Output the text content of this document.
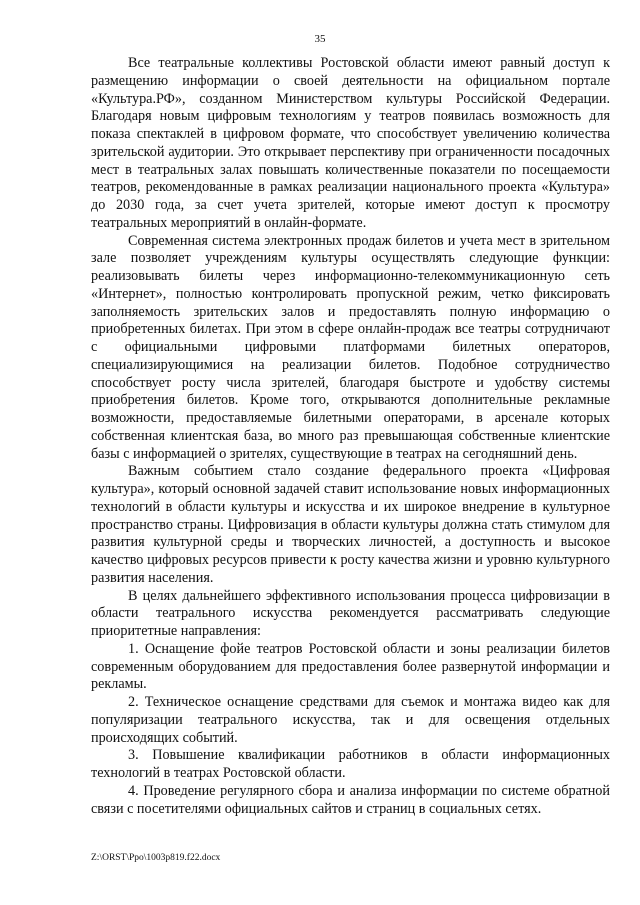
35

Все театральные коллективы Ростовской области имеют равный доступ к размещению информации о своей деятельности на официальном портале «Культура.РФ», созданном Министерством культуры Российской Федерации. Благодаря новым цифровым технологиям у театров появилась возможность для показа спектаклей в цифровом формате, что способствует увеличению количества зрительской аудитории. Это открывает перспективу при ограниченности посадочных мест в театральных залах повышать количественные показатели по посещаемости театров, рекомендованные в рамках реализации национального проекта «Культура» до 2030 года, за счет учета зрителей, которые имеют доступ к просмотру театральных мероприятий в онлайн-формате.

Современная система электронных продаж билетов и учета мест в зрительном зале позволяет учреждениям культуры осуществлять следующие функции: реализовывать билеты через информационно-телекоммуникационную сеть «Интернет», полностью контролировать пропускной режим, четко фиксировать заполняемость зрительских залов и предоставлять полную информацию о приобретенных билетах. При этом в сфере онлайн-продаж все театры сотрудничают с официальными цифровыми платформами билетных операторов, специализирующимися на реализации билетов. Подобное сотрудничество способствует росту числа зрителей, благодаря быстроте и удобству системы приобретения билетов. Кроме того, открываются дополнительные рекламные возможности, предоставляемые билетными операторами, в арсенале которых собственная клиентская база, во много раз превышающая собственные клиентские базы с информацией о зрителях, существующие в театрах на сегодняшний день.

Важным событием стало создание федерального проекта «Цифровая культура», который основной задачей ставит использование новых информационных технологий в области культуры и искусства и их широкое внедрение в культурное пространство страны. Цифровизация в области культуры должна стать стимулом для развития культурной среды и творческих личностей, а доступность и высокое качество цифровых ресурсов привести к росту качества жизни и уровню культурного развития населения.

В целях дальнейшего эффективного использования процесса цифровизации в области театрального искусства рекомендуется рассматривать следующие приоритетные направления:

1. Оснащение фойе театров Ростовской области и зоны реализации билетов современным оборудованием для предоставления более развернутой информации и рекламы.

2. Техническое оснащение средствами для съемок и монтажа видео как для популяризации театрального искусства, так и для освещения отдельных происходящих событий.

3. Повышение квалификации работников в области информационных технологий в театрах Ростовской области.

4. Проведение регулярного сбора и анализа информации по системе обратной связи с посетителями официальных сайтов и страниц в социальных сетях.

Z:\ORST\Ppo\1003p819.f22.docx
